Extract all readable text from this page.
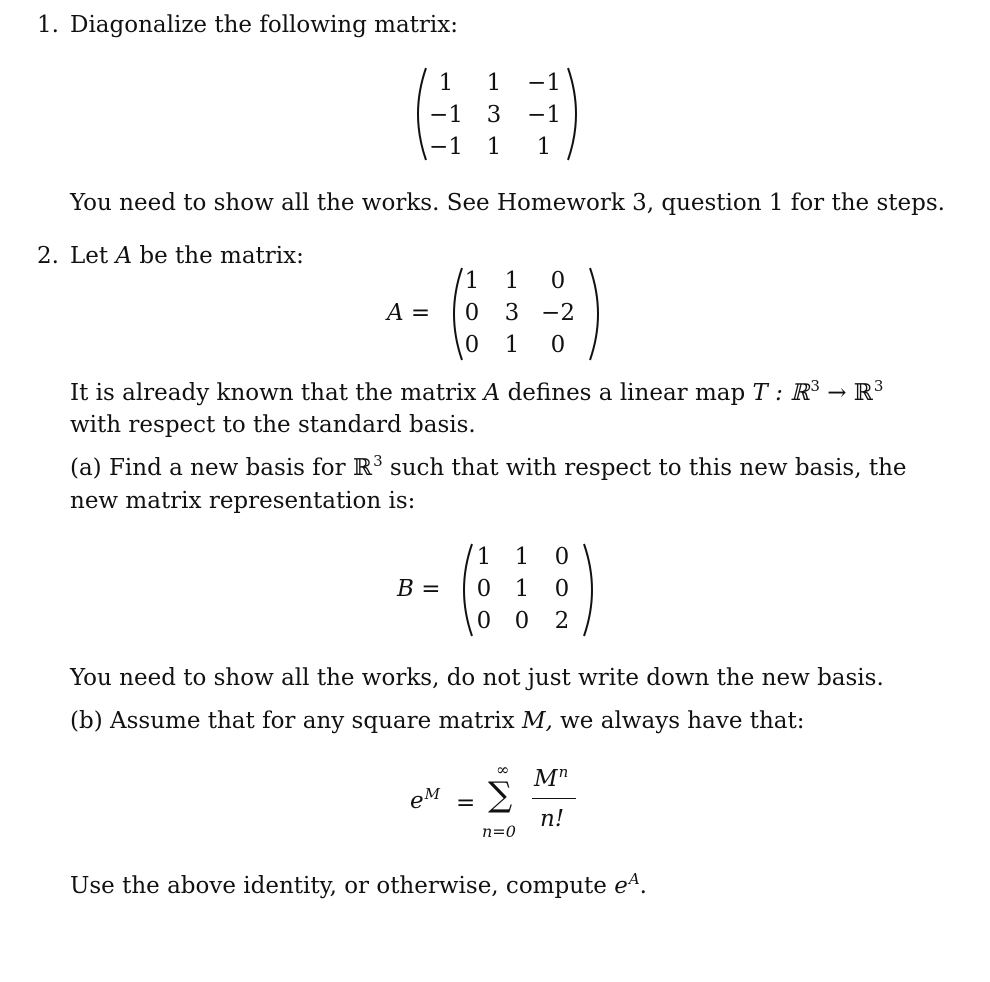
1. Diagonalize the following matrix:
1	1	−1
−1	3	−1
−1	1	1
You need to show all the works. See Homework 3, question 1 for the steps.
2. Let A be the matrix:
A =
1	1	0
0	3 −2
0	1	0
It is already known that the matrix A defines a linear map T : ℝ$^3$ → ℝ$^3$
with respect to the standard basis.
(a) Find a new basis for ℝ$^3$ such that with respect to this new basis, the
new matrix representation is:
B =
1	1	0
0	1	0
0	0	2
You need to show all the works, do not just write down the new basis.
(b) Assume that for any square matrix M, we always have that:
$e^M$ =
∞
∑
n=0
$M^n$
n!
Use the above identity, or otherwise, compute $e^A$.
